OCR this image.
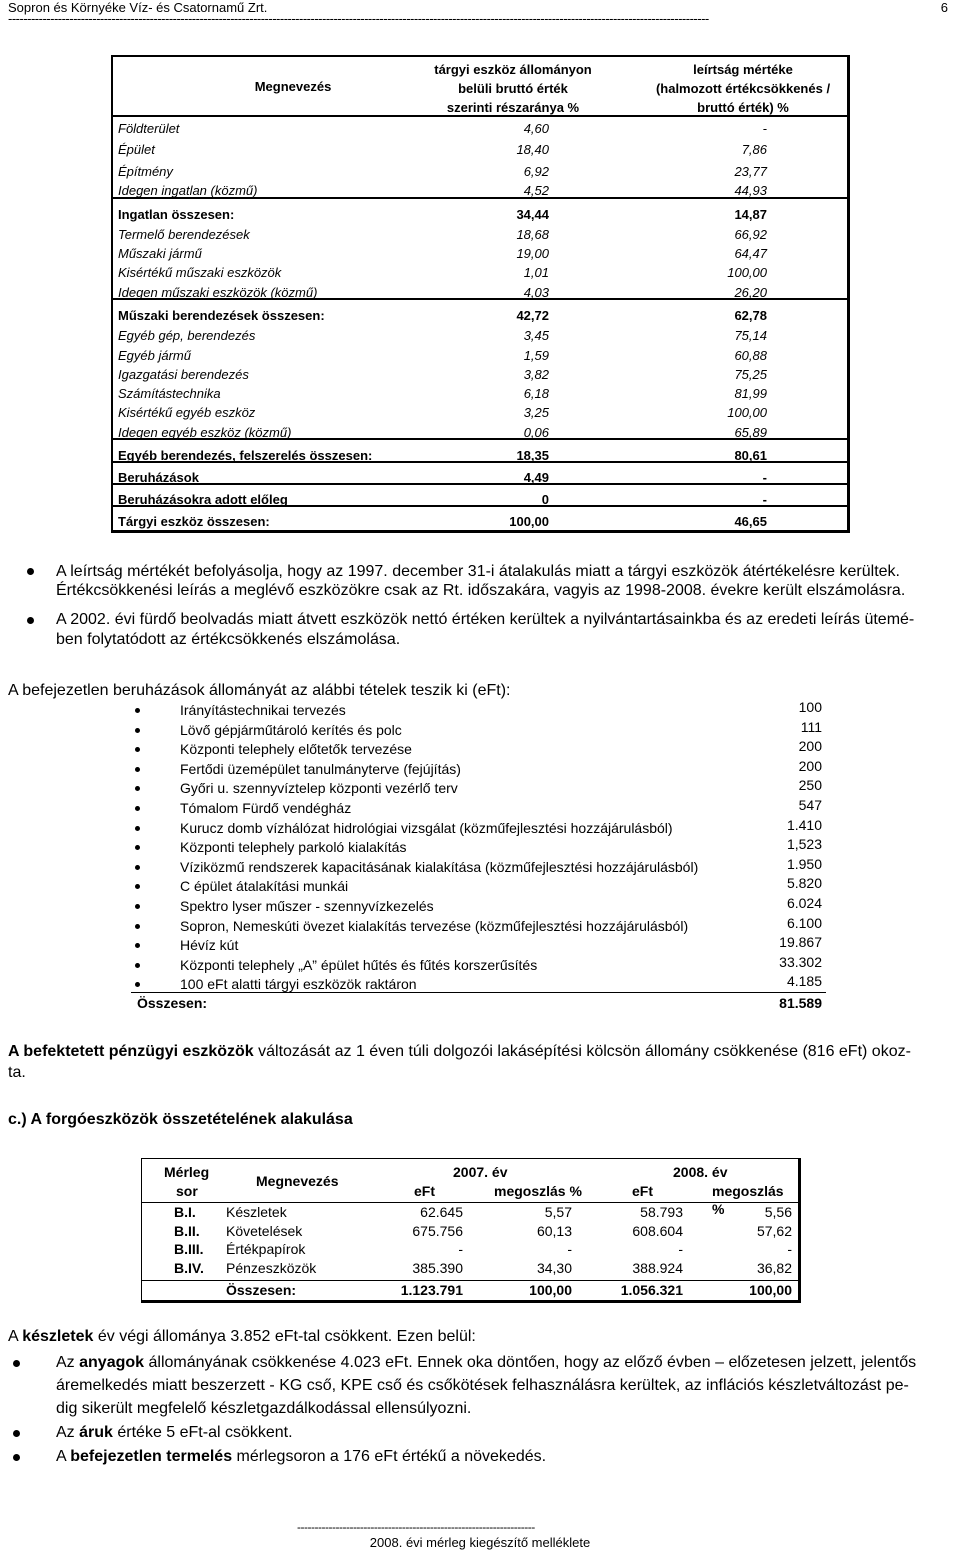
Sopron és Környéke Víz- és Csatornamű Zrt.	6
---------------------------------------------------------------------------------------------------------------------------------------------------------------------------------------
Megnevezés
tárgyi eszköz állományon
belüli bruttó érték
szerinti részaránya %
leírtság mértéke
(halmozott értékcsökkenés /
bruttó érték) %
Földterület	4,60	-
Épület	18,40	7,86
Építmény	6,92	23,77
Idegen ingatlan (közmű)	4,52	44,93
Ingatlan összesen:	34,44	14,87
Termelő berendezések	18,68	66,92
Műszaki jármű	19,00	64,47
Kisértékű műszaki eszközök	1,01	100,00
Idegen műszaki eszközök (közmű)	4,03	26,20
Műszaki berendezések összesen:	42,72	62,78
Egyéb gép, berendezés	3,45	75,14
Egyéb jármű	1,59	60,88
Igazgatási berendezés	3,82	75,25
Számítástechnika	6,18	81,99
Kisértékű egyéb eszköz	3,25	100,00
Idegen egyéb eszköz (közmű)	0,06	65,89
Egyéb berendezés, felszerelés összesen:	18,35	80,61
Beruházások	4,49	-
Beruházásokra adott előleg	0	-
Tárgyi eszköz összesen:	100,00	46,65
A leírtság mértékét befolyásolja, hogy az 1997. december 31-i átalakulás miatt a tárgyi eszközök átértékelésre kerültek.
Értékcsökkenési leírás a meglévő eszközökre csak az Rt. időszakára, vagyis az 1998-2008. évekre került elszámolásra.
A 2002. évi fürdő beolvadás miatt átvett eszközök nettó értéken kerültek a nyilvántartásainkba és az eredeti leírás ütemé-
ben folytatódott az értékcsökkenés elszámolása.
A befejezetlen beruházások állományát az alábbi tételek teszik ki (eFt):
Irányítástechnikai tervezés	100
Lövő gépjárműtároló kerítés és polc	111
Központi telephely előtetők tervezése	200
Fertődi üzemépület tanulmányterve (fejújítás)	200
Győri u. szennyvíztelep központi vezérlő terv	250
Tómalom Fürdő vendégház	547
Kurucz domb vízhálózat hidrológiai vizsgálat (közműfejlesztési hozzájárulásból)	1.410
Központi telephely parkoló kialakítás	1,523
Víziközmű rendszerek kapacitásának kialakítása (közműfejlesztési hozzájárulásból)	1.950
C épület átalakítási munkái	5.820
Spektro lyser műszer - szennyvízkezelés	6.024
Sopron, Nemeskúti övezet kialakítás tervezése (közműfejlesztési hozzájárulásból)	6.100
Hévíz kút	19.867
Központi telephely „A” épület hűtés és fűtés korszerűsítés	33.302
100 eFt alatti tárgyi eszközök raktáron	4.185
Összesen:	81.589
A befektetett pénzügyi eszközök változását az 1 éven túli dolgozói lakásépítési kölcsön állomány csökkenése (816 eFt) okoz-
ta.
c.) A forgóeszközök összetételének alakulása
Mérleg
sor
Megnevezés
2007. év	2008. év
eFt	megoszlás %	eFt	megoszlás %
B.I. Készletek	62.645	5,57	58.793	5,56
B.II. Követelések	675.756	60,13	608.604	57,62
B.III. Értékpapírok	-	-	-	-
B.IV. Pénzeszközök	385.390	34,30	388.924	36,82
Összesen:	1.123.791	100,00	1.056.321	100,00
A készletek év végi állománya 3.852 eFt-tal csökkent. Ezen belül:
Az anyagok állományának csökkenése 4.023 eFt. Ennek oka döntően, hogy az előző évben – előzetesen jelzett, jelentős
áremelkedés miatt beszerzett - KG cső, KPE cső és csőkötések felhasználásra kerültek, az inflációs készletváltozást pe-
dig sikerült megfelelő készletgazdálkodással ellensúlyozni.
Az áruk értéke 5 eFt-al csökkent.
A befejezetlen termelés mérlegsoron a 176 eFt értékű a növekedés.
--------------------------------------------------------------------
2008. évi mérleg kiegészítő melléklete
